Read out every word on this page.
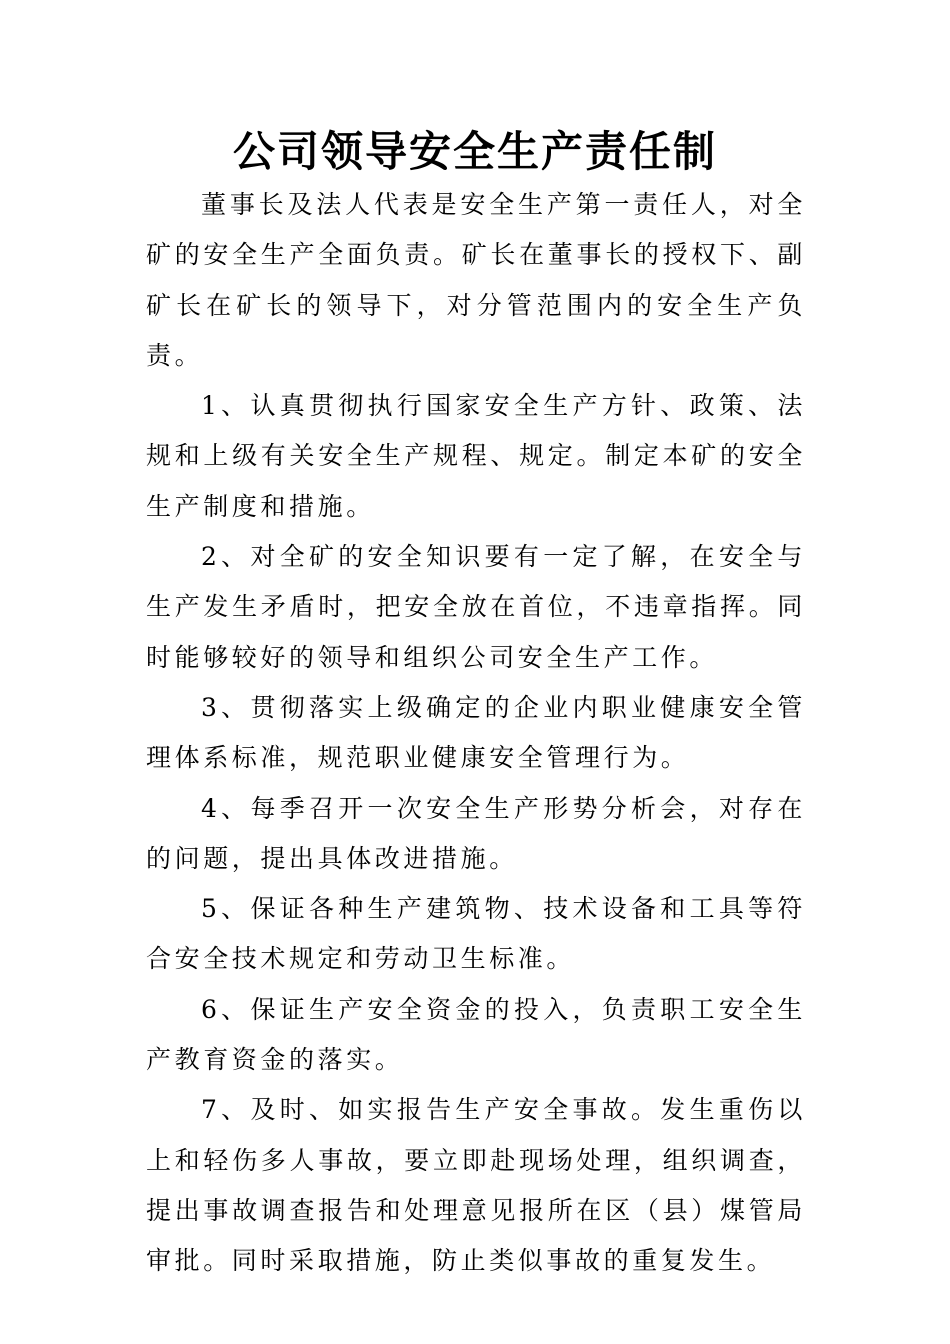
公司领导安全生产责任制

董事长及法人代表是安全生产第一责任人，对全矿的安全生产全面负责。矿长在董事长的授权下、副矿长在矿长的领导下，对分管范围内的安全生产负责。

1、认真贯彻执行国家安全生产方针、政策、法规和上级有关安全生产规程、规定。制定本矿的安全生产制度和措施。

2、对全矿的安全知识要有一定了解，在安全与生产发生矛盾时，把安全放在首位，不违章指挥。同时能够较好的领导和组织公司安全生产工作。

3、贯彻落实上级确定的企业内职业健康安全管理体系标准，规范职业健康安全管理行为。

4、每季召开一次安全生产形势分析会，对存在的问题，提出具体改进措施。

5、保证各种生产建筑物、技术设备和工具等符合安全技术规定和劳动卫生标准。

6、保证生产安全资金的投入，负责职工安全生产教育资金的落实。

7、及时、如实报告生产安全事故。发生重伤以上和轻伤多人事故，要立即赴现场处理，组织调查，提出事故调查报告和处理意见报所在区（县）煤管局审批。同时采取措施，防止类似事故的重复发生。
